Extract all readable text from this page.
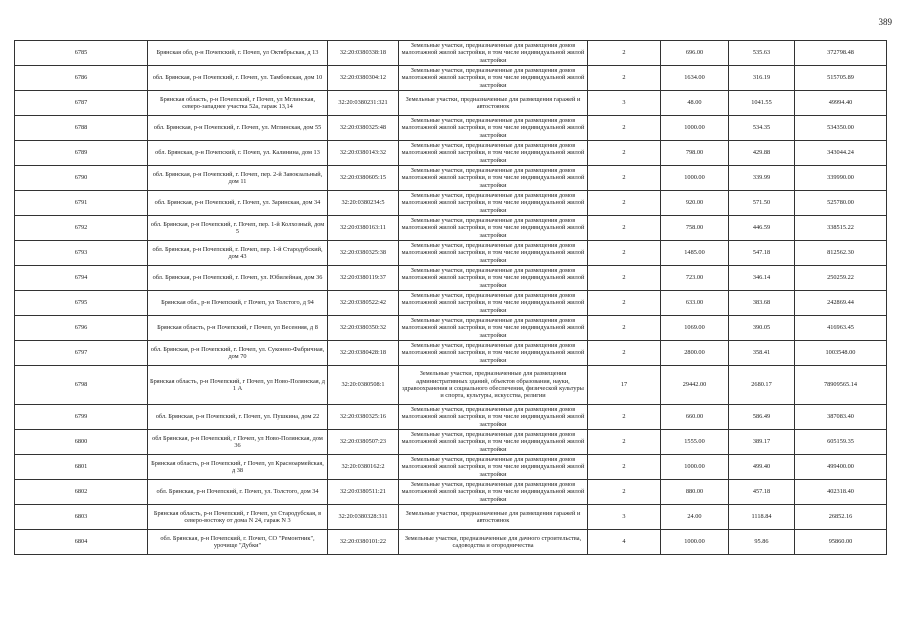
389
6785	Брянская обл, р-н Почепский, г. Почеп, ул Октябрьская, д 13	32:20:0380338:18	Земельные участки, предназначенные для размещения домов малоэтажной жилой застройки, в том числе индивидуальной жилой застройки	2	696.00	535.63	372798.48
6786	обл. Брянская, р-н Почепский, г. Почеп, ул. Тамбовская, дом 10	32:20:0380304:12	Земельные участки, предназначенные для размещения домов малоэтажной жилой застройки, в том числе индивидуальной жилой застройки	2	1634.00	316.19	515705.89
6787	Брянская область, р-н Почепский, г Почеп, ул Мглинская, северо-западнее участка 52а, гараж 13,14	32:20:0380231:321	Земельные участки, предназначенные для размещения гаражей и автостоянок	3	48.00	1041.55	49994.40
6788	обл. Брянская, р-н Почепский, г. Почеп, ул. Мглинская, дом 55	32:20:0380325:48	Земельные участки, предназначенные для размещения домов малоэтажной жилой застройки, в том числе индивидуальной жилой застройки	2	1000.00	534.35	534350.00
6789	обл. Брянская, р-н Почепский, г. Почеп, ул. Калинина, дом 13	32:20:0380143:32	Земельные участки, предназначенные для размещения домов малоэтажной жилой застройки, в том числе индивидуальной жилой застройки	2	798.00	429.88	343044.24
6790	обл. Брянская, р-н Почепский, г. Почеп, пер. 2-й Завокзальный, дом 11	32:20:0380605:15	Земельные участки, предназначенные для размещения домов малоэтажной жилой застройки, в том числе индивидуальной жилой застройки	2	1000.00	339.99	339990.00
6791	обл. Брянская, р-н Почепский, г. Почеп, ул. Заринская, дом 34	32:20:0380234:5	Земельные участки, предназначенные для размещения домов малоэтажной жилой застройки, в том числе индивидуальной жилой застройки	2	920.00	571.50	525780.00
6792	обл. Брянская, р-н Почепский, г. Почеп, пер. 1-й Колхозный, дом 5	32:20:0380163:11	Земельные участки, предназначенные для размещения домов малоэтажной жилой застройки, в том числе индивидуальной жилой застройки	2	758.00	446.59	338515.22
6793	обл. Брянская, р-н Почепский, г. Почеп, пер. 1-й Стародубский, дом 43	32:20:0380325:38	Земельные участки, предназначенные для размещения домов малоэтажной жилой застройки, в том числе индивидуальной жилой застройки	2	1485.00	547.18	812562.30
6794	обл. Брянская, р-н Почепский, г. Почеп, ул. Юбилейная, дом 36	32:20:0380119:37	Земельные участки, предназначенные для размещения домов малоэтажной жилой застройки, в том числе индивидуальной жилой застройки	2	723.00	346.14	250259.22
6795	Брянская обл., р-н Почепский, г Почеп, ул Толстого, д 94	32:20:0380522:42	Земельные участки, предназначенные для размещения домов малоэтажной жилой застройки, в том числе индивидуальной жилой застройки	2	633.00	383.68	242869.44
6796	Брянская область, р-н Почепский, г Почеп, ул Весенняя, д 8	32:20:0380350:32	Земельные участки, предназначенные для размещения домов малоэтажной жилой застройки, в том числе индивидуальной жилой застройки	2	1069.00	390.05	416963.45
6797	обл. Брянская, р-н Почепский, г. Почеп, ул. Суконно-Фабричная, дом 70	32:20:0380428:18	Земельные участки, предназначенные для размещения домов малоэтажной жилой застройки, в том числе индивидуальной жилой застройки	2	2800.00	358.41	1003548.00
6798	Брянская область, р-н Почепский, г Почеп, ул Ново-Полянская, д 1 А	32:20:0380508:1	Земельные участки, предназначенные для размещения административных зданий, объектов образования, науки, здравоохранения и социального обеспечения, физической культуры и спорта, культуры, искусства, религии	17	29442.00	2680.17	78909565.14
6799	обл. Брянская, р-н Почепский, г. Почеп, ул. Пушкина, дом 22	32:20:0380325:16	Земельные участки, предназначенные для размещения домов малоэтажной жилой застройки, в том числе индивидуальной жилой застройки	2	660.00	586.49	387083.40
6800	обл Брянская, р-н Почепский, г Почеп, ул Ново-Полянская, дом 36	32:20:0380507:23	Земельные участки, предназначенные для размещения домов малоэтажной жилой застройки, в том числе индивидуальной жилой застройки	2	1555.00	389.17	605159.35
6801	Брянская область, р-н Почепский, г Почеп, ул Красноармейская, д 38	32:20:0380162:2	Земельные участки, предназначенные для размещения домов малоэтажной жилой застройки, в том числе индивидуальной жилой застройки	2	1000.00	499.40	499400.00
6802	обл. Брянская, р-н Почепский, г. Почеп, ул. Толстого, дом 34	32:20:0380511:21	Земельные участки, предназначенные для размещения домов малоэтажной жилой застройки, в том числе индивидуальной жилой застройки	2	880.00	457.18	402318.40
6803	Брянская область, р-н Почепский, г Почеп, ул Стародубская, в северо-востоку от дома N 24, гараж N 3	32:20:0380328:311	Земельные участки, предназначенные для размещения гаражей и автостоянок	3	24.00	1118.84	26852.16
6804	обл. Брянская, р-н Почепский, г. Почеп, СО "Ремонтник", урочище "Дубки"	32:20:0380101:22	Земельные участки, предназначенные для дачного строительства, садоводства и огородничества	4	1000.00	95.86	95860.00
